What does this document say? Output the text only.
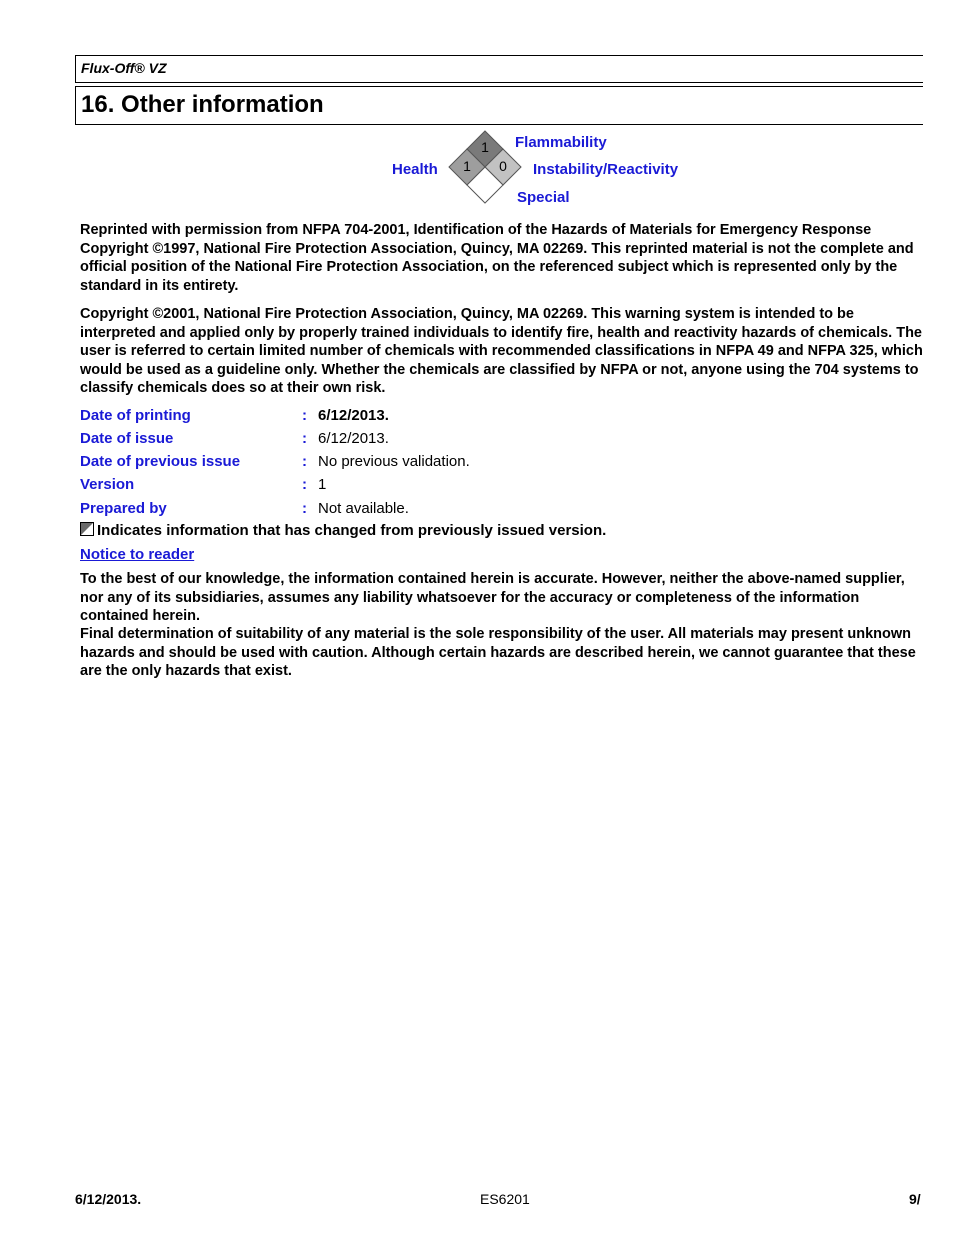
Flux-Off® VZ
16. Other information
Flammability
Health	Instability/Reactivity
Special
1
1 0
Reprinted with permission from NFPA 704-2001, Identification of the Hazards of Materials for Emergency Response Copyright ©1997, National Fire Protection Association, Quincy, MA 02269. This reprinted material is not the complete and official position of the National Fire Protection Association, on the referenced subject which is represented only by the standard in its entirety.
Copyright ©2001, National Fire Protection Association, Quincy, MA 02269. This warning system is intended to be interpreted and applied only by properly trained individuals to identify fire, health and reactivity hazards of chemicals. The user is referred to certain limited number of chemicals with recommended classifications in NFPA 49 and NFPA 325, which would be used as a guideline only. Whether the chemicals are classified by NFPA or not, anyone using the 704 systems to classify chemicals does so at their own risk.
Date of printing	: 6/12/2013.
Date of issue	: 6/12/2013.
Date of previous issue	: No previous validation.
Version	: 1
Prepared by	: Not available.
Indicates information that has changed from previously issued version.
Notice to reader
To the best of our knowledge, the information contained herein is accurate. However, neither the above-named supplier, nor any of its subsidiaries, assumes any liability whatsoever for the accuracy or completeness of the information contained herein.
Final determination of suitability of any material is the sole responsibility of the user. All materials may present unknown hazards and should be used with caution. Although certain hazards are described herein, we cannot guarantee that these are the only hazards that exist.
6/12/2013.	ES6201	9/
